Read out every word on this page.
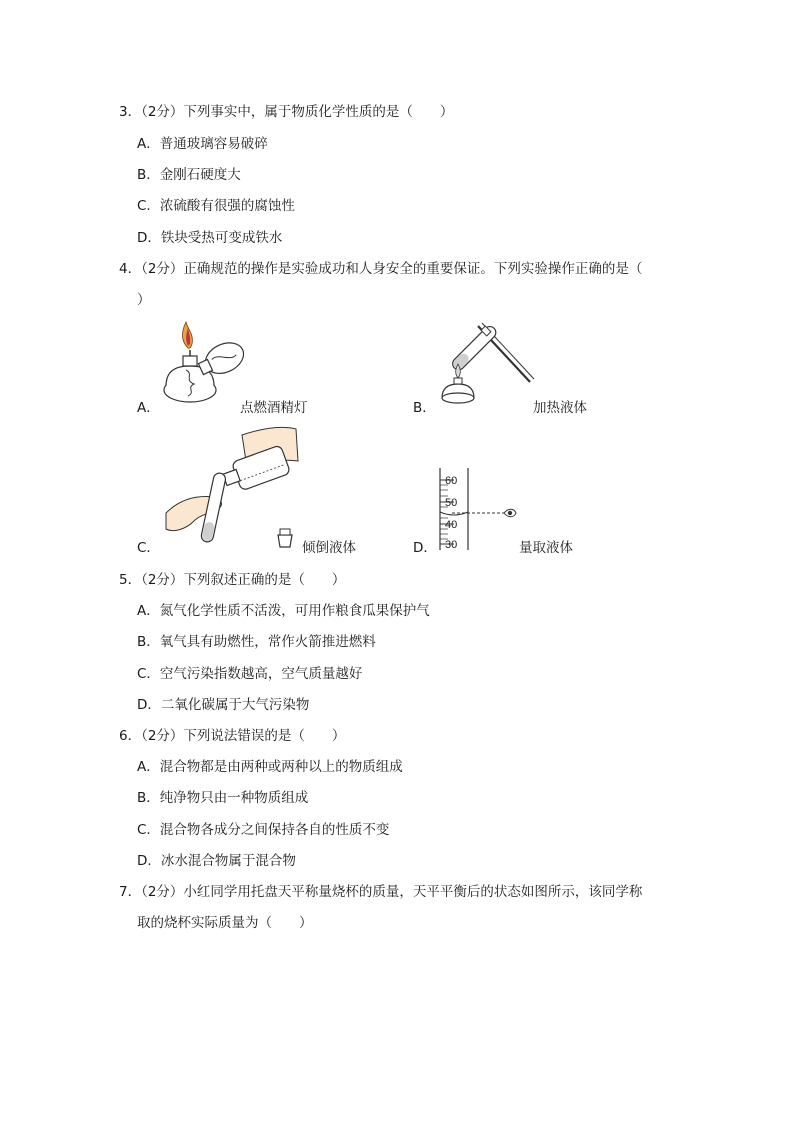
3．（2分）下列事实中，属于物质化学性质的是（　　）
A．普通玻璃容易破碎
B．金刚石硬度大
C．浓硫酸有很强的腐蚀性
D．铁块受热可变成铁水
4．（2分）正确规范的操作是实验成功和人身安全的重要保证。下列实验操作正确的是（
）
A．	点燃酒精灯	B．	加热液体
C．	倾倒液体
60
50
40
30
D．	量取液体
5．（2分）下列叙述正确的是（　　）
A．氮气化学性质不活泼，可用作粮食瓜果保护气
B．氧气具有助燃性，常作火箭推进燃料
C．空气污染指数越高，空气质量越好
D．二氧化碳属于大气污染物
6．（2分）下列说法错误的是（　　）
A．混合物都是由两种或两种以上的物质组成
B．纯净物只由一种物质组成
C．混合物各成分之间保持各自的性质不变
D．冰水混合物属于混合物
7．（2分）小红同学用托盘天平称量烧杯的质量，天平平衡后的状态如图所示，该同学称
取的烧杯实际质量为（　　）
